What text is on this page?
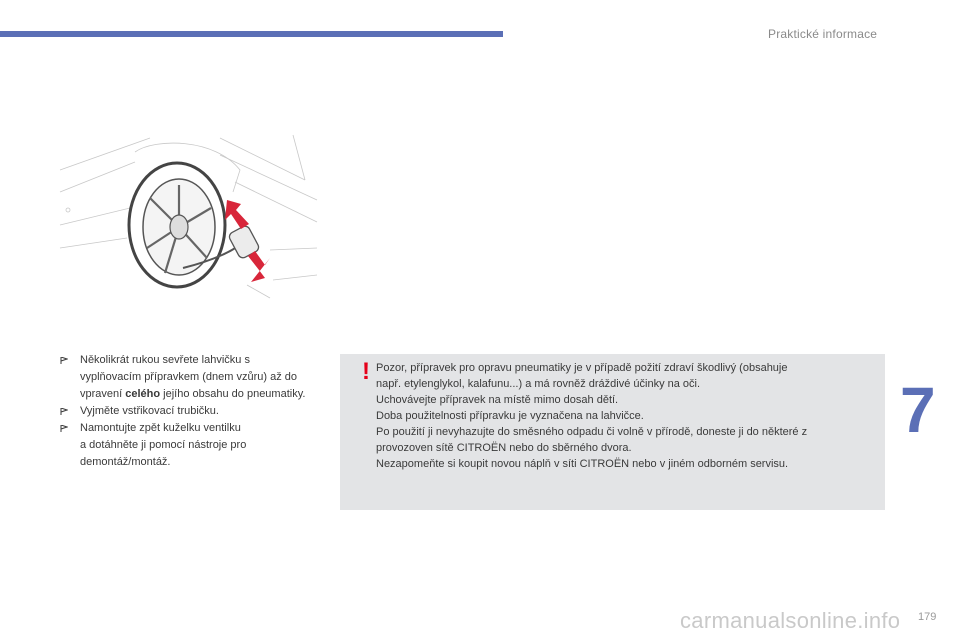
Praktické informace
7
Několikrát rukou sevřete lahvičku s
vyplňovacím přípravkem (dnem vzůru) až do
vpravení celého jejího obsahu do pneumatiky.
Vyjměte vstřikovací trubičku.
Namontujte zpět kuželku ventilku
a dotáhněte ji pomocí nástroje pro
demontáž/montáž.
! Pozor, přípravek pro opravu pneumatiky je v případě požití zdraví škodlivý (obsahuje
např. etylenglykol, kalafunu...) a má rovněž dráždivé účinky na oči.
Uchovávejte přípravek na místě mimo dosah dětí.
Doba použitelnosti přípravku je vyznačena na lahvičce.
Po použití ji nevyhazujte do směsného odpadu či volně v přírodě, doneste ji do některé z
provozoven sítě CITROËN nebo do sběrného dvora.
Nezapomeňte si koupit novou náplň v síti CITROËN nebo v jiném odborném servisu.
carmanualsonline.info 179
